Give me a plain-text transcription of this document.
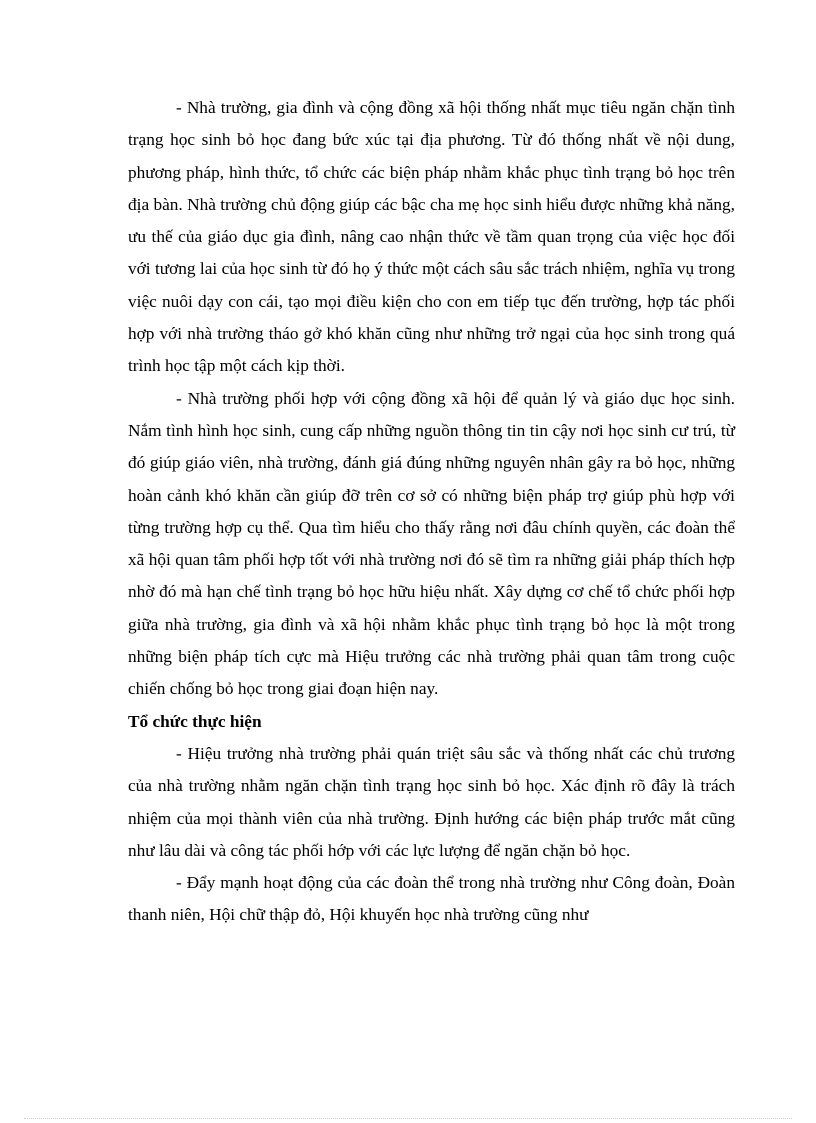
- Nhà trường, gia đình và cộng đồng xã hội thống nhất mục tiêu ngăn chặn tình trạng học sinh bỏ học đang bức xúc tại địa phương. Từ đó thống nhất về nội dung, phương pháp, hình thức, tổ chức các biện pháp nhằm khắc phục tình trạng bỏ học trên địa bàn. Nhà trường chủ động giúp các bậc cha mẹ học sinh hiểu được những khả năng, ưu thế của giáo dục gia đình, nâng cao nhận thức về tầm quan trọng của việc học đối với tương lai của học sinh từ đó họ ý thức một cách sâu sắc trách nhiệm, nghĩa vụ trong việc nuôi dạy con cái, tạo mọi điều kiện cho con em tiếp tục đến trường, hợp tác phối hợp với nhà trường tháo gở khó khăn cũng như những trở ngại của học sinh trong quá trình học tập một cách kịp thời.

- Nhà trường phối hợp với cộng đồng xã hội để quản lý và giáo dục học sinh. Nắm tình hình học sinh, cung cấp những nguồn thông tin tin cậy nơi học sinh cư trú, từ đó giúp giáo viên, nhà trường, đánh giá đúng những nguyên nhân gây ra bỏ học, những hoàn cảnh khó khăn cần giúp đỡ trên cơ sở có những biện pháp trợ giúp phù hợp với từng trường hợp cụ thể. Qua tìm hiểu cho thấy rằng nơi đâu chính quyền, các đoàn thể xã hội quan tâm phối hợp tốt với nhà trường nơi đó sẽ tìm ra những giải pháp thích hợp nhờ đó mà hạn chế tình trạng bỏ học hữu hiệu nhất. Xây dựng cơ chế tổ chức phối hợp giữa nhà trường, gia đình và xã hội nhằm khắc phục tình trạng bỏ học là một trong những biện pháp tích cực mà Hiệu trưởng các nhà trường phải quan tâm trong cuộc chiến chống bỏ học trong giai đoạn hiện nay.

Tổ chức thực hiện

- Hiệu trưởng nhà trường phải quán triệt sâu sắc và thống nhất các chủ trương của nhà trường nhằm ngăn chặn tình trạng học sinh bỏ học. Xác định rõ đây là trách nhiệm của mọi thành viên của nhà trường. Định hướng các biện pháp trước mắt cũng như lâu dài và công tác phối hớp với các lực lượng để ngăn chặn bỏ học.

- Đẩy mạnh hoạt động của các đoàn thể trong nhà trường như Công đoàn, Đoàn thanh niên, Hội chữ thập đỏ, Hội khuyến học nhà trường cũng như
